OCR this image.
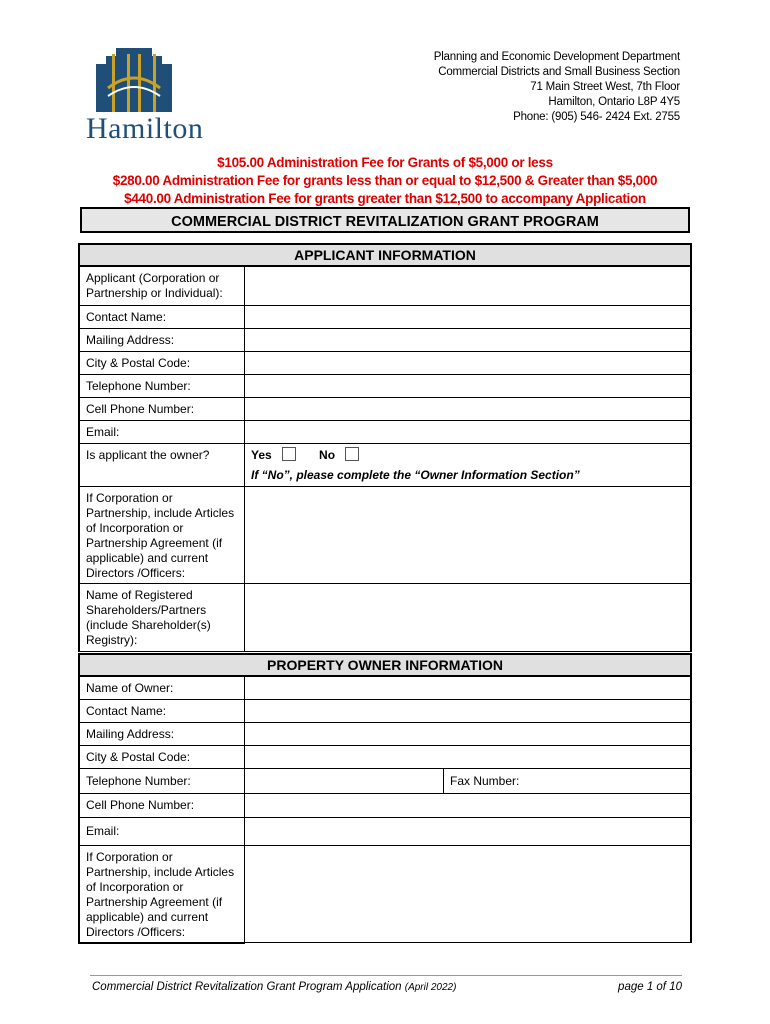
Hamilton
Planning and Economic Development Department
Commercial Districts and Small Business Section
71 Main Street West, 7th Floor
Hamilton, Ontario L8P 4Y5
Phone: (905) 546- 2424 Ext. 2755
$105.00 Administration Fee for Grants of $5,000 or less
$280.00 Administration Fee for grants less than or equal to $12,500 & Greater than $5,000
$440.00 Administration Fee for grants greater than $12,500 to accompany Application
COMMERCIAL DISTRICT REVITALIZATION GRANT PROGRAM
APPLICANT INFORMATION	
Applicant (Corporation or Partnership or Individual):	
Contact Name:	
Mailing Address:	
City & Postal Code:	
Telephone Number:	
Cell Phone Number:	
Email:	
Is applicant the owner?	Yes No
If “No”, please complete the “Owner Information Section”

If Corporation or Partnership, include Articles of Incorporation or Partnership Agreement (if applicable) and current Directors /Officers:	
Name of Registered Shareholders/Partners (include Shareholder(s) Registry):	
PROPERTY OWNER INFORMATION		
Name of Owner:		
Contact Name:		
Mailing Address:		
City & Postal Code:		
Telephone Number:		Fax Number:
Cell Phone Number:		
Email:		
If Corporation or Partnership, include Articles of Incorporation or Partnership Agreement (if applicable) and current Directors /Officers:		
Commercial District Revitalization Grant Program Application (April 2022)	page 1 of 10
